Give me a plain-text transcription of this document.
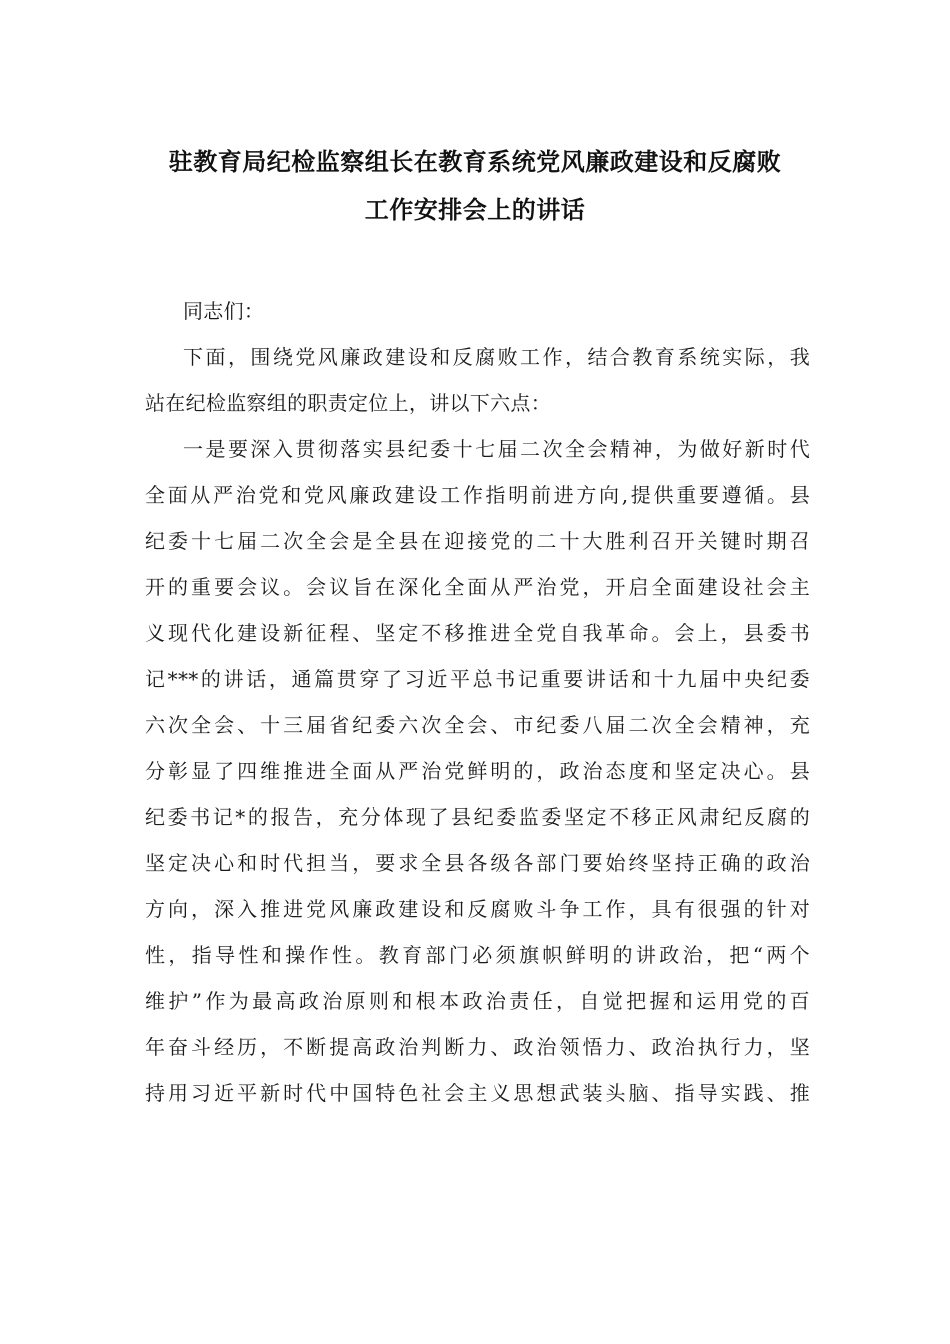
驻教育局纪检监察组长在教育系统党风廉政建设和反腐败
工作安排会上的讲话
同志们：
下面，围绕党风廉政建设和反腐败工作，结合教育系统实际，我
站在纪检监察组的职责定位上，讲以下六点：
一是要深入贯彻落实县纪委十七届二次全会精神，为做好新时代
全面从严治党和党风廉政建设工作指明前进方向,提供重要遵循。县
纪委十七届二次全会是全县在迎接党的二十大胜利召开关键时期召
开的重要会议。会议旨在深化全面从严治党，开启全面建设社会主
义现代化建设新征程、坚定不移推进全党自我革命。会上，县委书
记***的讲话，通篇贯穿了习近平总书记重要讲话和十九届中央纪委
六次全会、十三届省纪委六次全会、市纪委八届二次全会精神，充
分彰显了四维推进全面从严治党鲜明的，政治态度和坚定决心。县
纪委书记*的报告，充分体现了县纪委监委坚定不移正风肃纪反腐的
坚定决心和时代担当，要求全县各级各部门要始终坚持正确的政治
方向，深入推进党风廉政建设和反腐败斗争工作，具有很强的针对
性，指导性和操作性。教育部门必须旗帜鲜明的讲政治，把“两个
维护”作为最高政治原则和根本政治责任，自觉把握和运用党的百
年奋斗经历，不断提高政治判断力、政治领悟力、政治执行力，坚
持用习近平新时代中国特色社会主义思想武装头脑、指导实践、推
